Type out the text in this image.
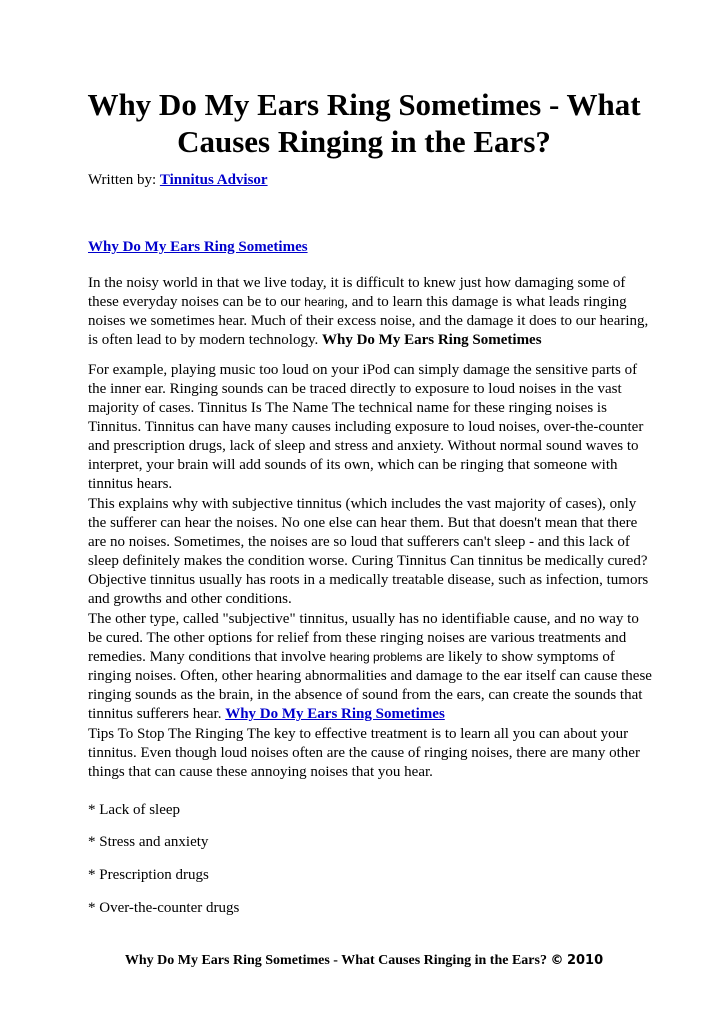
Why Do My Ears Ring Sometimes - What Causes Ringing in the Ears?
Written by: Tinnitus Advisor
Why Do My Ears Ring Sometimes

In the noisy world in that we live today, it is difficult to knew just how damaging some of
these everyday noises can be to our hearing, and to learn this damage is what leads ringing
noises we sometimes hear. Much of their excess noise, and the damage it does to our hearing,
is often lead to by modern technology. Why Do My Ears Ring Sometimes

For example, playing music too loud on your iPod can simply damage the sensitive parts of
the inner ear. Ringing sounds can be traced directly to exposure to loud noises in the vast
majority of cases. Tinnitus Is The Name The technical name for these ringing noises is
Tinnitus. Tinnitus can have many causes including exposure to loud noises, over-the-counter
and prescription drugs, lack of sleep and stress and anxiety. Without normal sound waves to
interpret, your brain will add sounds of its own, which can be ringing that someone with
tinnitus hears.

This explains why with subjective tinnitus (which includes the vast majority of cases), only
the sufferer can hear the noises. No one else can hear them. But that doesn't mean that there
are no noises. Sometimes, the noises are so loud that sufferers can't sleep - and this lack of
sleep definitely makes the condition worse. Curing Tinnitus Can tinnitus be medically cured?
Objective tinnitus usually has roots in a medically treatable disease, such as infection, tumors
and growths and other conditions.

The other type, called "subjective" tinnitus, usually has no identifiable cause, and no way to
be cured. The other options for relief from these ringing noises are various treatments and
remedies. Many conditions that involve hearing problems are likely to show symptoms of
ringing noises. Often, other hearing abnormalities and damage to the ear itself can cause these
ringing sounds as the brain, in the absence of sound from the ears, can create the sounds that
tinnitus sufferers hear. Why Do My Ears Ring Sometimes

Tips To Stop The Ringing The key to effective treatment is to learn all you can about your
tinnitus. Even though loud noises often are the cause of ringing noises, there are many other
things that can cause these annoying noises that you hear.

* Lack of sleep
* Stress and anxiety
* Prescription drugs
* Over-the-counter drugs
Why Do My Ears Ring Sometimes - What Causes Ringing in the Ears? © 2010
